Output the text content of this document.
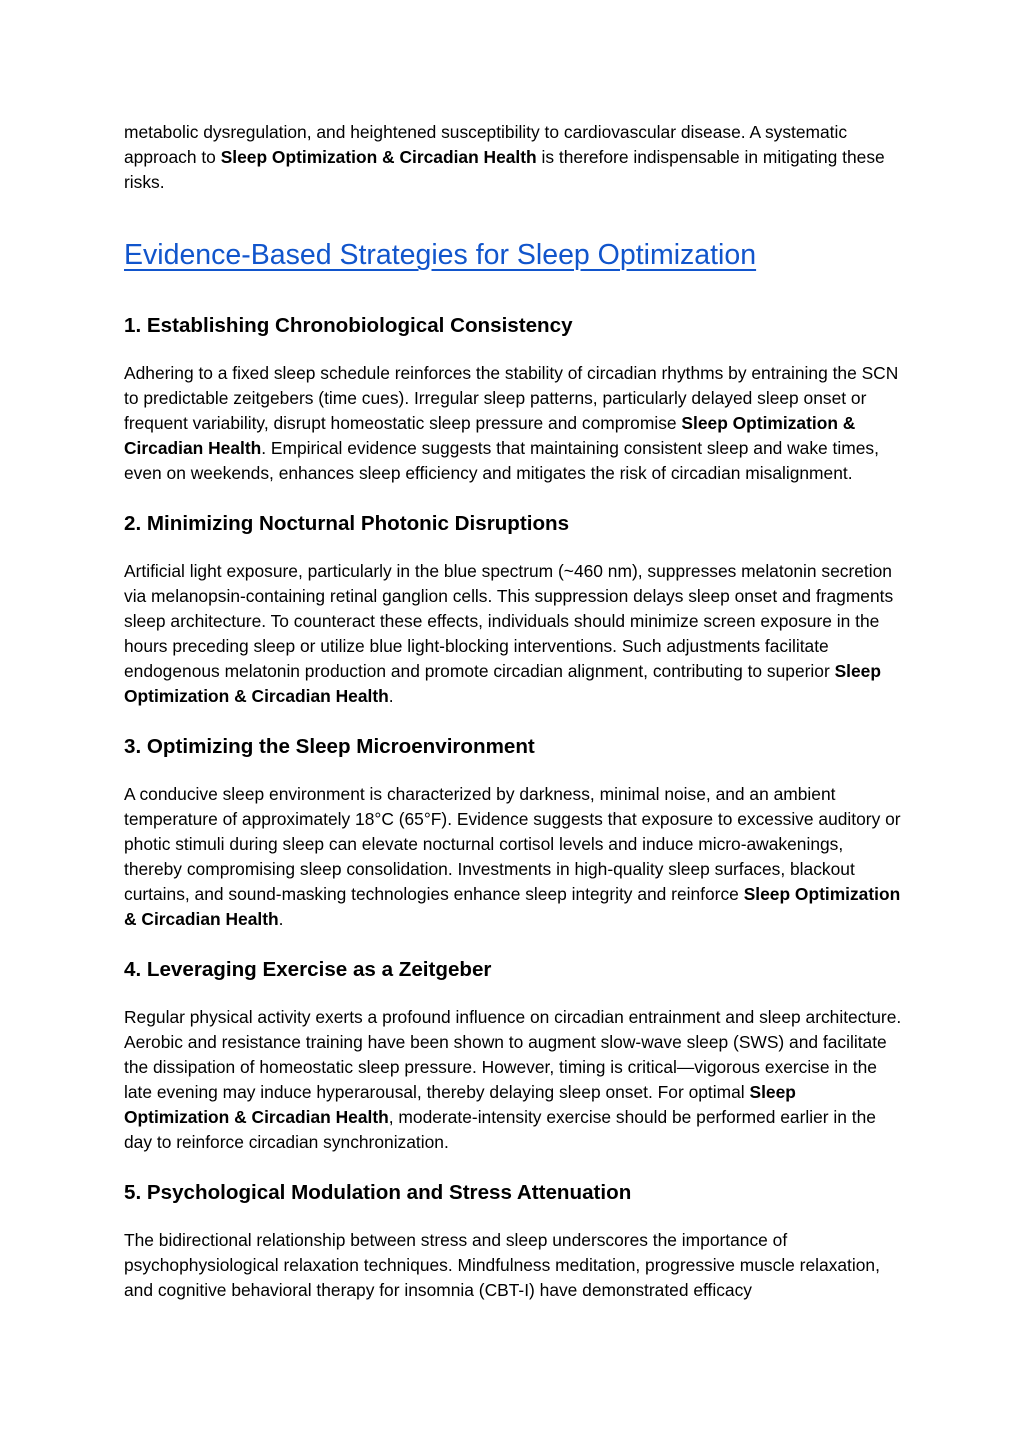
metabolic dysregulation, and heightened susceptibility to cardiovascular disease. A systematic approach to Sleep Optimization & Circadian Health is therefore indispensable in mitigating these risks.

Evidence-Based Strategies for Sleep Optimization
1. Establishing Chronobiological Consistency

Adhering to a fixed sleep schedule reinforces the stability of circadian rhythms by entraining the SCN to predictable zeitgebers (time cues). Irregular sleep patterns, particularly delayed sleep onset or frequent variability, disrupt homeostatic sleep pressure and compromise Sleep Optimization & Circadian Health. Empirical evidence suggests that maintaining consistent sleep and wake times, even on weekends, enhances sleep efficiency and mitigates the risk of circadian misalignment.

2. Minimizing Nocturnal Photonic Disruptions

Artificial light exposure, particularly in the blue spectrum (~460 nm), suppresses melatonin secretion via melanopsin-containing retinal ganglion cells. This suppression delays sleep onset and fragments sleep architecture. To counteract these effects, individuals should minimize screen exposure in the hours preceding sleep or utilize blue light-blocking interventions. Such adjustments facilitate endogenous melatonin production and promote circadian alignment, contributing to superior Sleep Optimization & Circadian Health.

3. Optimizing the Sleep Microenvironment

A conducive sleep environment is characterized by darkness, minimal noise, and an ambient temperature of approximately 18°C (65°F). Evidence suggests that exposure to excessive auditory or photic stimuli during sleep can elevate nocturnal cortisol levels and induce micro-awakenings, thereby compromising sleep consolidation. Investments in high-quality sleep surfaces, blackout curtains, and sound-masking technologies enhance sleep integrity and reinforce Sleep Optimization & Circadian Health.

4. Leveraging Exercise as a Zeitgeber

Regular physical activity exerts a profound influence on circadian entrainment and sleep architecture. Aerobic and resistance training have been shown to augment slow-wave sleep (SWS) and facilitate the dissipation of homeostatic sleep pressure. However, timing is critical—vigorous exercise in the late evening may induce hyperarousal, thereby delaying sleep onset. For optimal Sleep Optimization & Circadian Health, moderate-intensity exercise should be performed earlier in the day to reinforce circadian synchronization.

5. Psychological Modulation and Stress Attenuation

The bidirectional relationship between stress and sleep underscores the importance of psychophysiological relaxation techniques. Mindfulness meditation, progressive muscle relaxation, and cognitive behavioral therapy for insomnia (CBT-I) have demonstrated efficacy
